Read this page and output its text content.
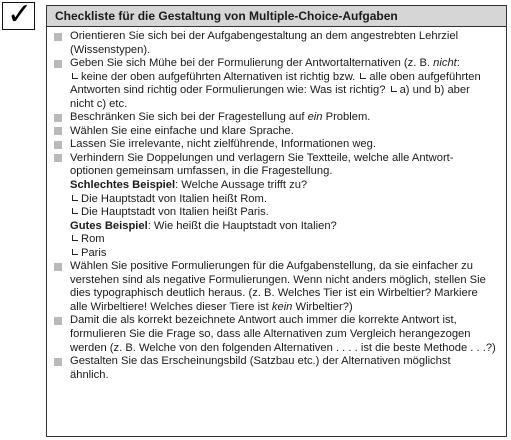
✓	Checkliste für die Gestaltung von Multiple-Choice-Aufgaben
Orientieren Sie sich bei der Aufgabengestaltung an dem angestrebten Lehrziel
(Wissenstypen).
Geben Sie sich Mühe bei der Formulierung der Antwortalternativen (z. B. nicht:
keine der oben aufgeführten Alternativen ist richtig bzw. alle oben aufgeführten
Antworten sind richtig oder Formulierungen wie: Was ist richtig? a) und b) aber
nicht c) etc.
Beschränken Sie sich bei der Fragestellung auf ein Problem.
Wählen Sie eine einfache und klare Sprache.
Lassen Sie irrelevante, nicht zielführende, Informationen weg.
Verhindern Sie Doppelungen und verlagern Sie Textteile, welche alle Antwort-
optionen gemeinsam umfassen, in die Fragestellung.
Schlechtes Beispiel: Welche Aussage trifft zu?
Die Hauptstadt von Italien heißt Rom.
Die Hauptstadt von Italien heißt Paris.
Gutes Beispiel: Wie heißt die Hauptstadt von Italien?
Rom
Paris
Wählen Sie positive Formulierungen für die Aufgabenstellung, da sie einfacher zu
verstehen sind als negative Formulierungen. Wenn nicht anders möglich, stellen Sie
dies typographisch deutlich heraus. (z. B. Welches Tier ist ein Wirbeltier? Markiere
alle Wirbeltiere! Welches dieser Tiere ist kein Wirbeltier?)
Damit die als korrekt bezeichnete Antwort auch immer die korrekte Antwort ist,
formulieren Sie die Frage so, dass alle Alternativen zum Vergleich herangezogen
werden (z. B. Welche von den folgenden Alternativen . . . . ist die beste Methode . . .?)
Gestalten Sie das Erscheinungsbild (Satzbau etc.) der Alternativen möglichst
ähnlich.
